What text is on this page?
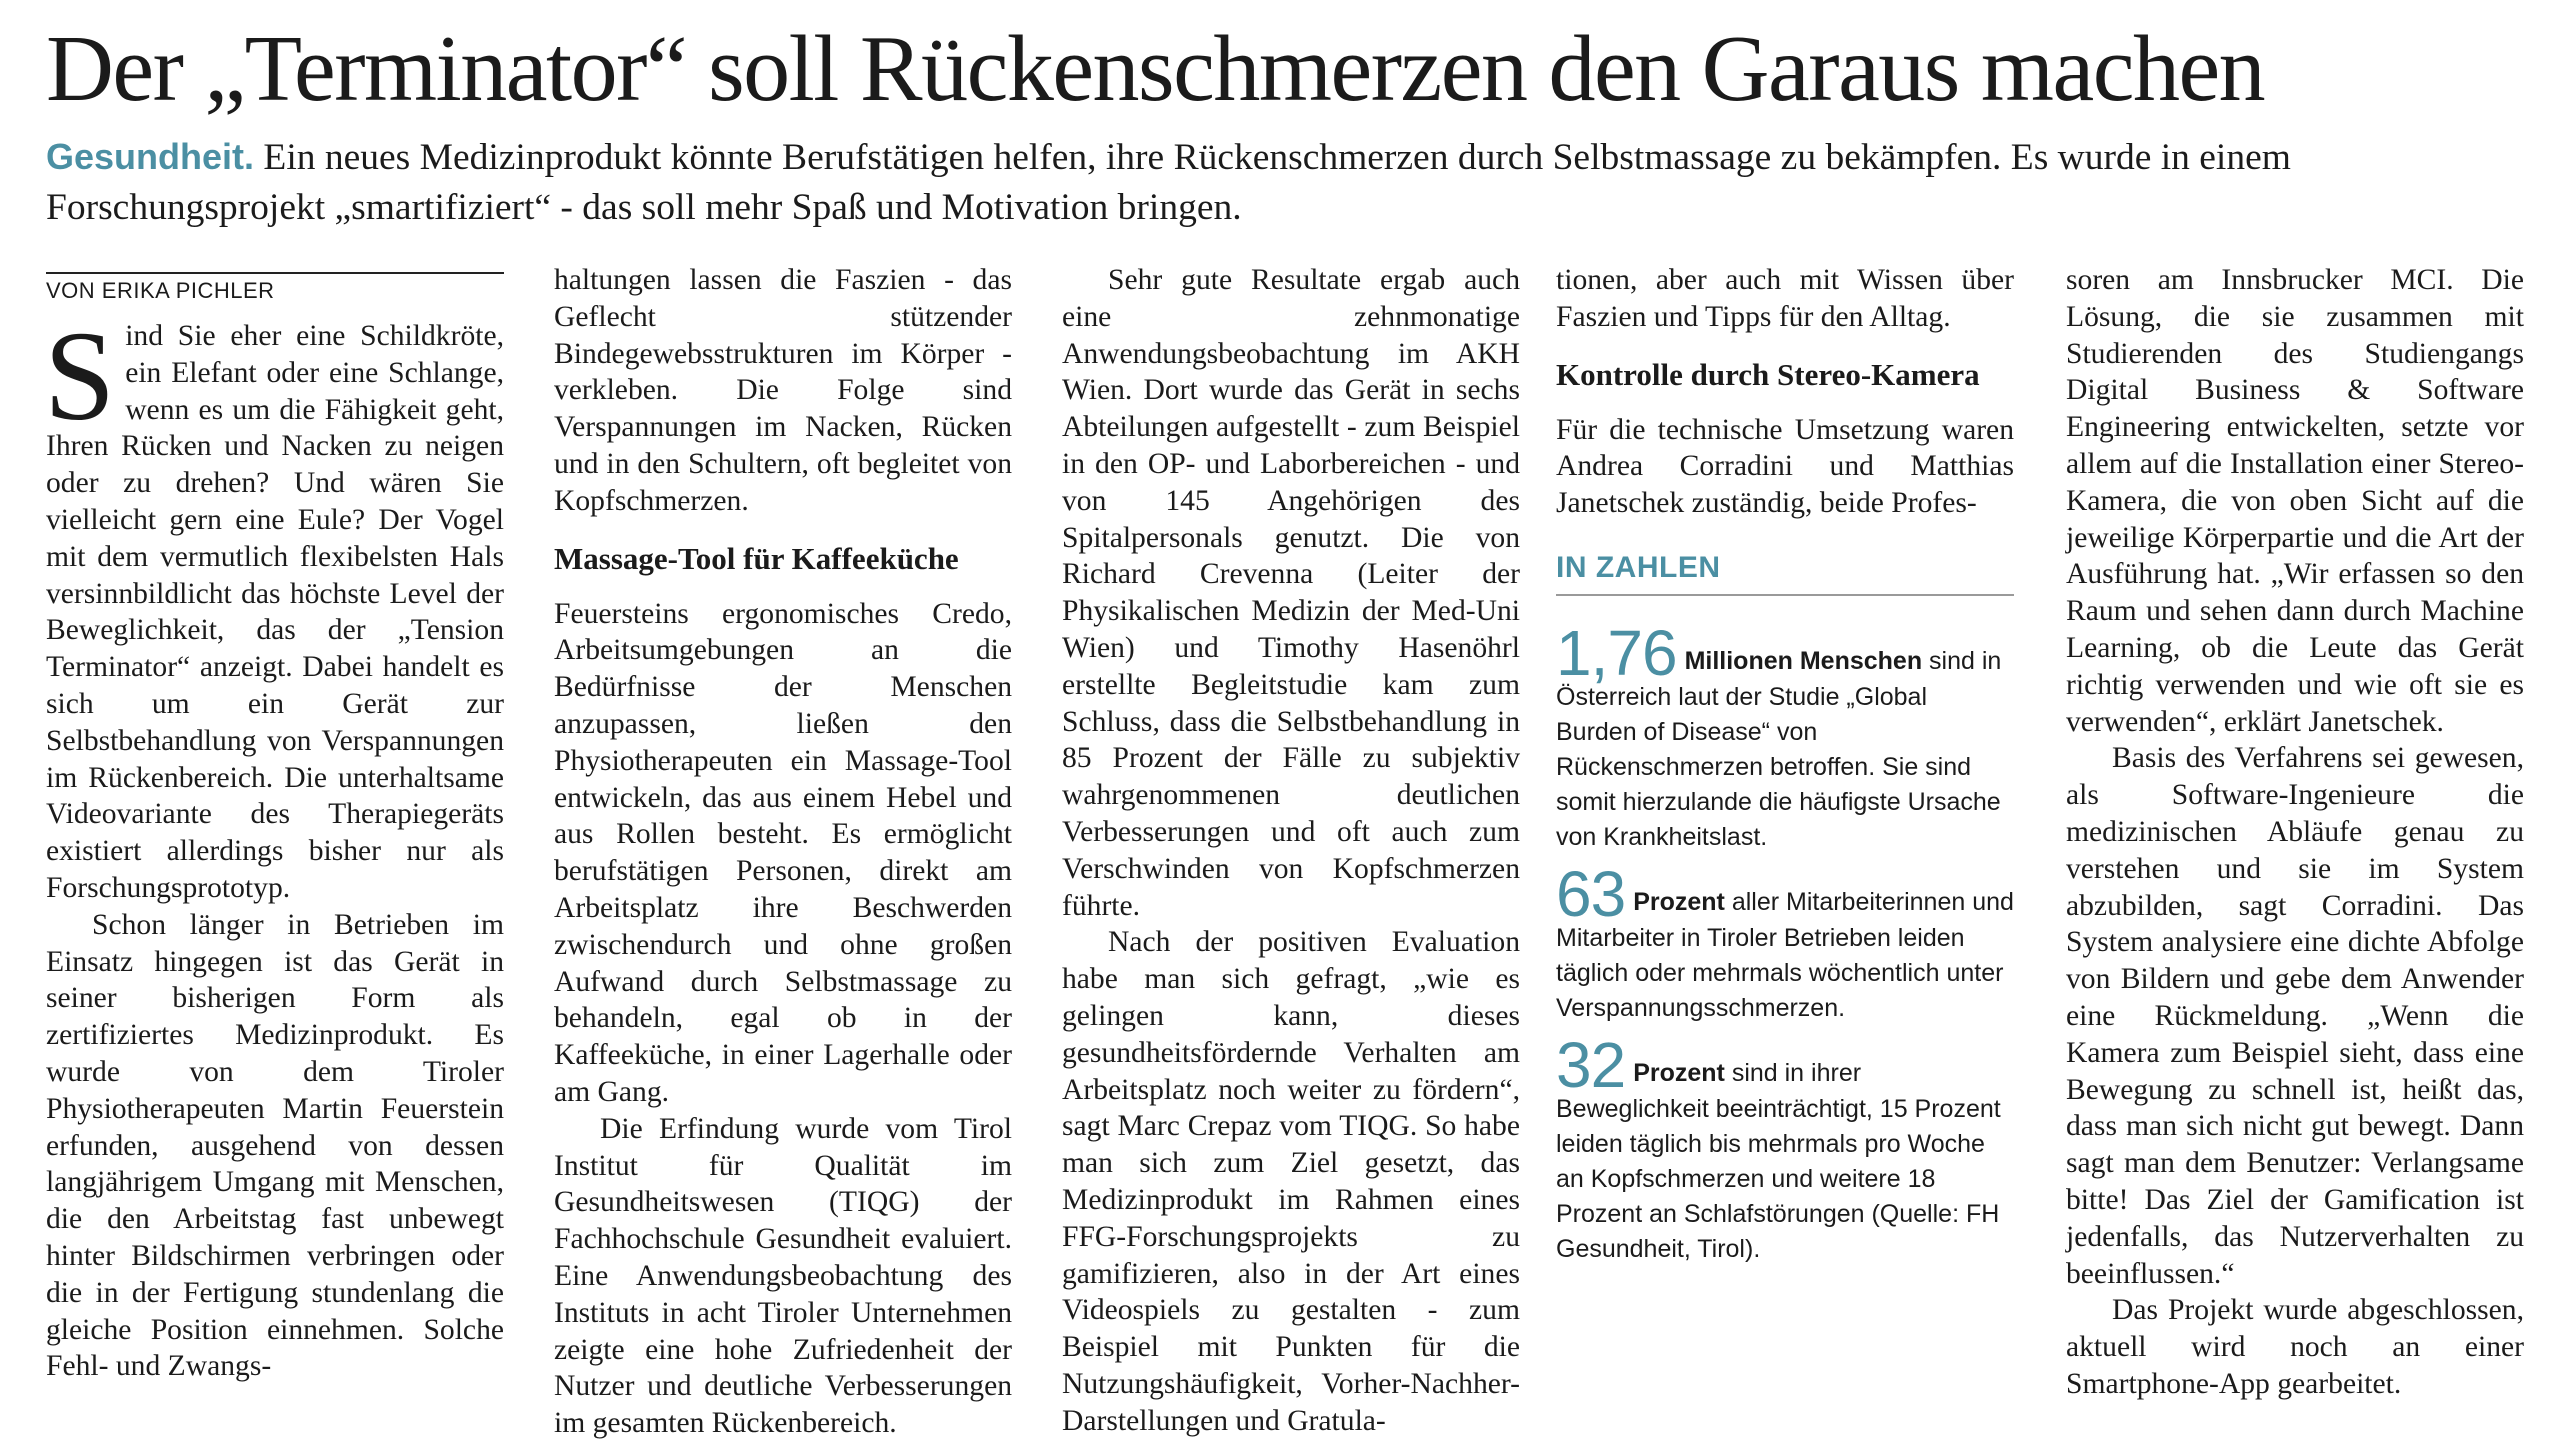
Der „Terminator“ soll Rückenschmerzen den Garaus machen
Gesundheit. Ein neues Medizinprodukt könnte Berufstätigen helfen, ihre Rückenschmerzen durch Selbstmassage zu bekämpfen. Es wurde in einem Forschungsprojekt „smartifiziert“ - das soll mehr Spaß und Motivation bringen.
VON ERIKA PICHLER

Sind Sie eher eine Schildkröte, ein Elefant oder eine Schlange, wenn es um die Fähigkeit geht, Ihren Rücken und Nacken zu neigen oder zu drehen? Und wären Sie vielleicht gern eine Eule? Der Vogel mit dem vermutlich flexibelsten Hals versinnbildlicht das höchste Level der Beweglichkeit, das der „Tension Terminator“ anzeigt. Dabei handelt es sich um ein Gerät zur Selbstbehandlung von Verspannungen im Rückenbereich. Die unterhaltsame Videovariante des Therapiegeräts existiert allerdings bisher nur als Forschungsprototyp.

Schon länger in Betrieben im Einsatz hingegen ist das Gerät in seiner bisherigen Form als zertifiziertes Medizinprodukt. Es wurde von dem Tiroler Physiotherapeuten Martin Feuerstein erfunden, ausgehend von dessen langjährigem Umgang mit Menschen, die den Arbeitstag fast unbewegt hinter Bildschirmen verbringen oder die in der Fertigung stundenlang die gleiche Position einnehmen. Solche Fehl- und Zwangs-

haltungen lassen die Faszien - das Geflecht stützender Bindegewebsstrukturen im Körper - verkleben. Die Folge sind Verspannungen im Nacken, Rücken und in den Schultern, oft begleitet von Kopfschmerzen.

Massage-Tool für Kaffeeküche

Feuersteins ergonomisches Credo, Arbeitsumgebungen an die Bedürfnisse der Menschen anzupassen, ließen den Physiotherapeuten ein Massage-Tool entwickeln, das aus einem Hebel und aus Rollen besteht. Es ermöglicht berufstätigen Personen, direkt am Arbeitsplatz ihre Beschwerden zwischendurch und ohne großen Aufwand durch Selbstmassage zu behandeln, egal ob in der Kaffeeküche, in einer Lagerhalle oder am Gang.

Die Erfindung wurde vom Tirol Institut für Qualität im Gesundheitswesen (TIQG) der Fachhochschule Gesundheit evaluiert. Eine Anwendungsbeobachtung des Instituts in acht Tiroler Unternehmen zeigte eine hohe Zufriedenheit der Nutzer und deutliche Verbesserungen im gesamten Rückenbereich.

Sehr gute Resultate ergab auch eine zehnmonatige Anwendungsbeobachtung im AKH Wien. Dort wurde das Gerät in sechs Abteilungen aufgestellt - zum Beispiel in den OP- und Laborbereichen - und von 145 Angehörigen des Spitalpersonals genutzt. Die von Richard Crevenna (Leiter der Physikalischen Medizin der Med-Uni Wien) und Timothy Hasenöhrl erstellte Begleitstudie kam zum Schluss, dass die Selbstbehandlung in 85 Prozent der Fälle zu subjektiv wahrgenommenen deutlichen Verbesserungen und oft auch zum Verschwinden von Kopfschmerzen führte.

Nach der positiven Evaluation habe man sich gefragt, „wie es gelingen kann, dieses gesundheitsfördernde Verhalten am Arbeitsplatz noch weiter zu fördern“, sagt Marc Crepaz vom TIQG. So habe man sich zum Ziel gesetzt, das Medizinprodukt im Rahmen eines FFG-Forschungsprojekts zu gamifizieren, also in der Art eines Videospiels zu gestalten - zum Beispiel mit Punkten für die Nutzungshäufigkeit, Vorher-Nachher-Darstellungen und Gratula-

tionen, aber auch mit Wissen über Faszien und Tipps für den Alltag.

Kontrolle durch Stereo-Kamera

Für die technische Umsetzung waren Andrea Corradini und Matthias Janetschek zuständig, beide Profes-

IN ZAHLEN
1,76 Millionen Menschen sind in Österreich laut der Studie „Global Burden of Disease“ von Rückenschmerzen betroffen. Sie sind somit hierzulande die häufigste Ursache von Krankheitslast.
63 Prozent aller Mitarbeiterinnen und Mitarbeiter in Tiroler Betrieben leiden täglich oder mehrmals wöchentlich unter Verspannungsschmerzen.
32 Prozent sind in ihrer Beweglichkeit beeinträchtigt, 15 Prozent leiden täglich bis mehrmals pro Woche an Kopfschmerzen und weitere 18 Prozent an Schlafstörungen (Quelle: FH Gesundheit, Tirol).

soren am Innsbrucker MCI. Die Lösung, die sie zusammen mit Studierenden des Studiengangs Digital Business & Software Engineering entwickelten, setzte vor allem auf die Installation einer Stereo-Kamera, die von oben Sicht auf die jeweilige Körperpartie und die Art der Ausführung hat. „Wir erfassen so den Raum und sehen dann durch Machine Learning, ob die Leute das Gerät richtig verwenden und wie oft sie es verwenden“, erklärt Janetschek.

Basis des Verfahrens sei gewesen, als Software-Ingenieure die medizinischen Abläufe genau zu verstehen und sie im System abzubilden, sagt Corradini. Das System analysiere eine dichte Abfolge von Bildern und gebe dem Anwender eine Rückmeldung. „Wenn die Kamera zum Beispiel sieht, dass eine Bewegung zu schnell ist, heißt das, dass man sich nicht gut bewegt. Dann sagt man dem Benutzer: Verlangsame bitte! Das Ziel der Gamification ist jedenfalls, das Nutzerverhalten zu beeinflussen.“

Das Projekt wurde abgeschlossen, aktuell wird noch an einer Smartphone-App gearbeitet.
